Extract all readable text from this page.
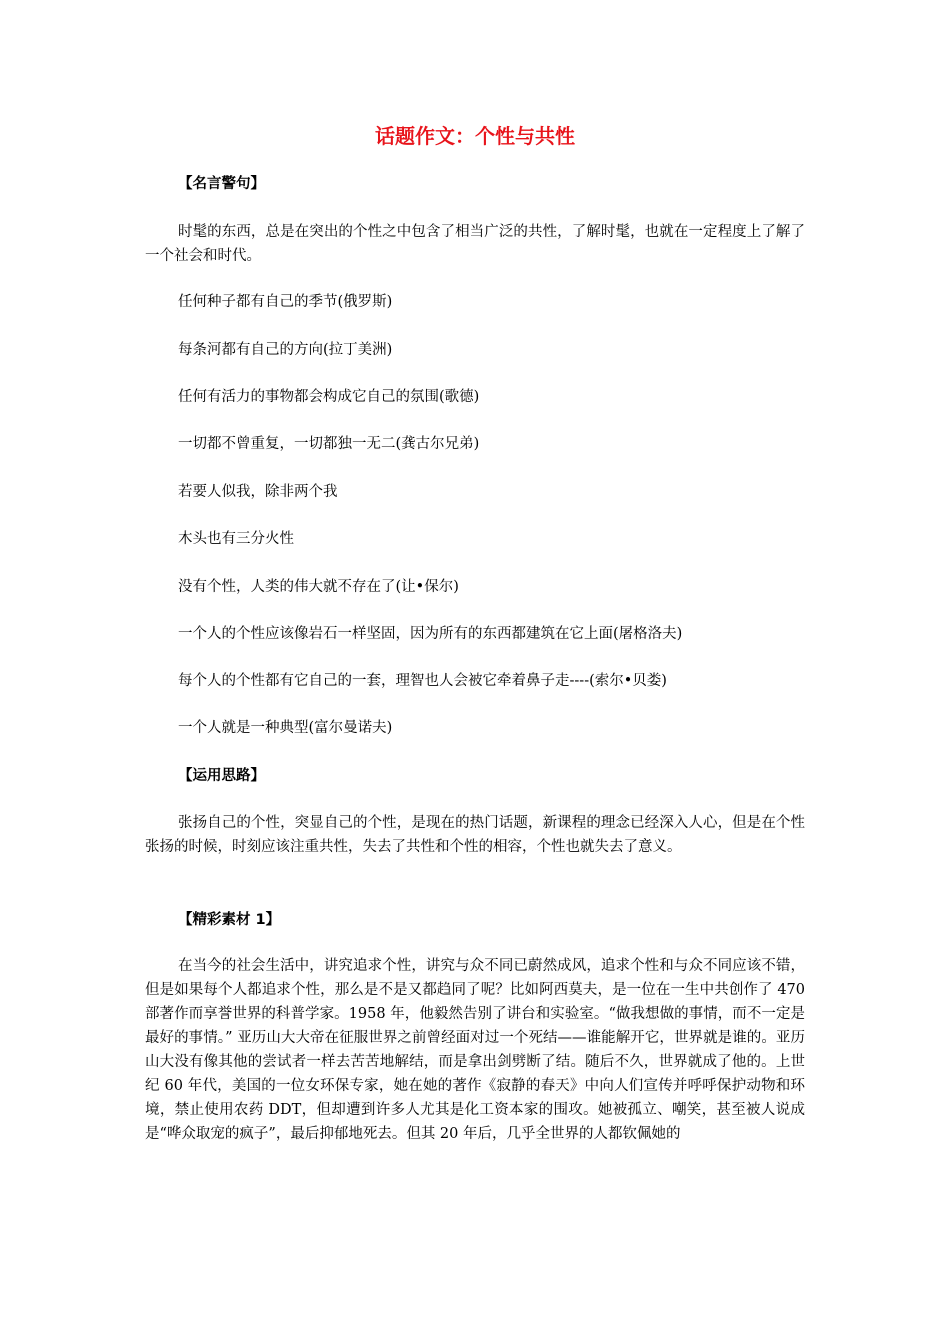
话题作文：个性与共性
【名言警句】
时髦的东西，总是在突出的个性之中包含了相当广泛的共性，了解时髦，也就在一定程度上了解了一个社会和时代。
任何种子都有自己的季节(俄罗斯)
每条河都有自己的方向(拉丁美洲)
任何有活力的事物都会构成它自己的氛围(歌德)
一切都不曾重复，一切都独一无二(龚古尔兄弟)
若要人似我，除非两个我
木头也有三分火性
没有个性，人类的伟大就不存在了(让•保尔)
一个人的个性应该像岩石一样坚固，因为所有的东西都建筑在它上面(屠格洛夫)
每个人的个性都有它自己的一套，理智也人会被它牵着鼻子走----(索尔•贝娄)
一个人就是一种典型(富尔曼诺夫)
【运用思路】
张扬自己的个性，突显自己的个性，是现在的热门话题，新课程的理念已经深入人心，但是在个性张扬的时候，时刻应该注重共性，失去了共性和个性的相容，个性也就失去了意义。
【精彩素材 1】
在当今的社会生活中，讲究追求个性，讲究与众不同已蔚然成风，追求个性和与众不同应该不错，但是如果每个人都追求个性，那么是不是又都趋同了呢？比如阿西莫夫，是一位在一生中共创作了 470 部著作而享誉世界的科普学家。1958 年，他毅然告别了讲台和实验室。“做我想做的事情，而不一定是最好的事情。” 亚历山大大帝在征服世界之前曾经面对过一个死结——谁能解开它，世界就是谁的。亚历山大没有像其他的尝试者一样去苦苦地解结，而是拿出剑劈断了结。随后不久，世界就成了他的。上世纪 60 年代，美国的一位女环保专家，她在她的著作《寂静的春天》中向人们宣传并呼呼保护动物和环境，禁止使用农药 DDT，但却遭到许多人尤其是化工资本家的围攻。她被孤立、嘲笑，甚至被人说成是“哗众取宠的疯子”，最后抑郁地死去。但其 20 年后，几乎全世界的人都钦佩她的
